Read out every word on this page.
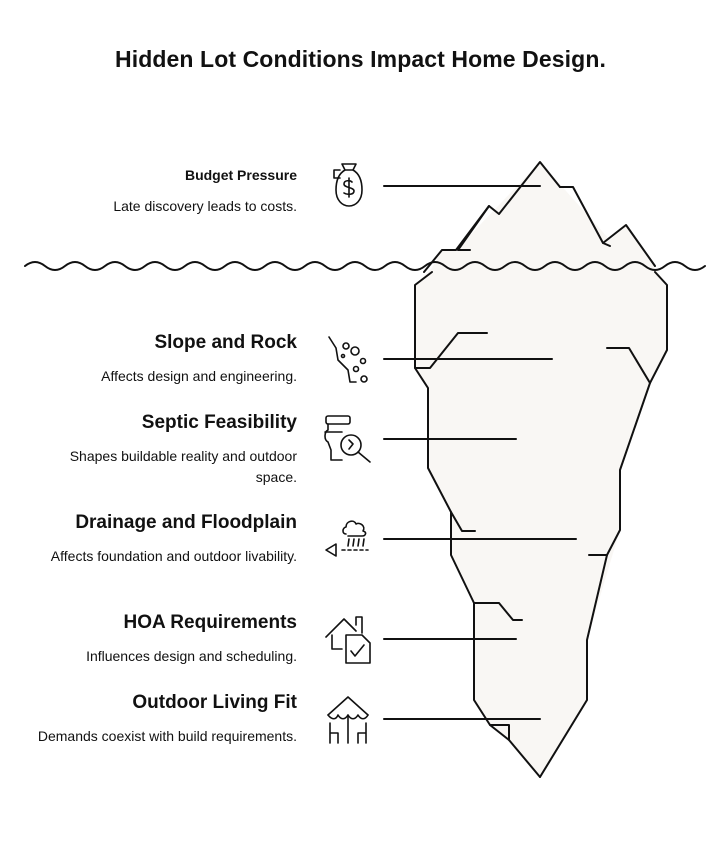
Hidden Lot Conditions Impact Home Design.
Budget Pressure
Late discovery leads to costs.
Slope and Rock
Affects design and engineering.
Septic Feasibility
Shapes buildable reality and outdoor space.
Drainage and Floodplain
Affects foundation and outdoor livability.
HOA Requirements
Influences design and scheduling.
Outdoor Living Fit
Demands coexist with build requirements.
